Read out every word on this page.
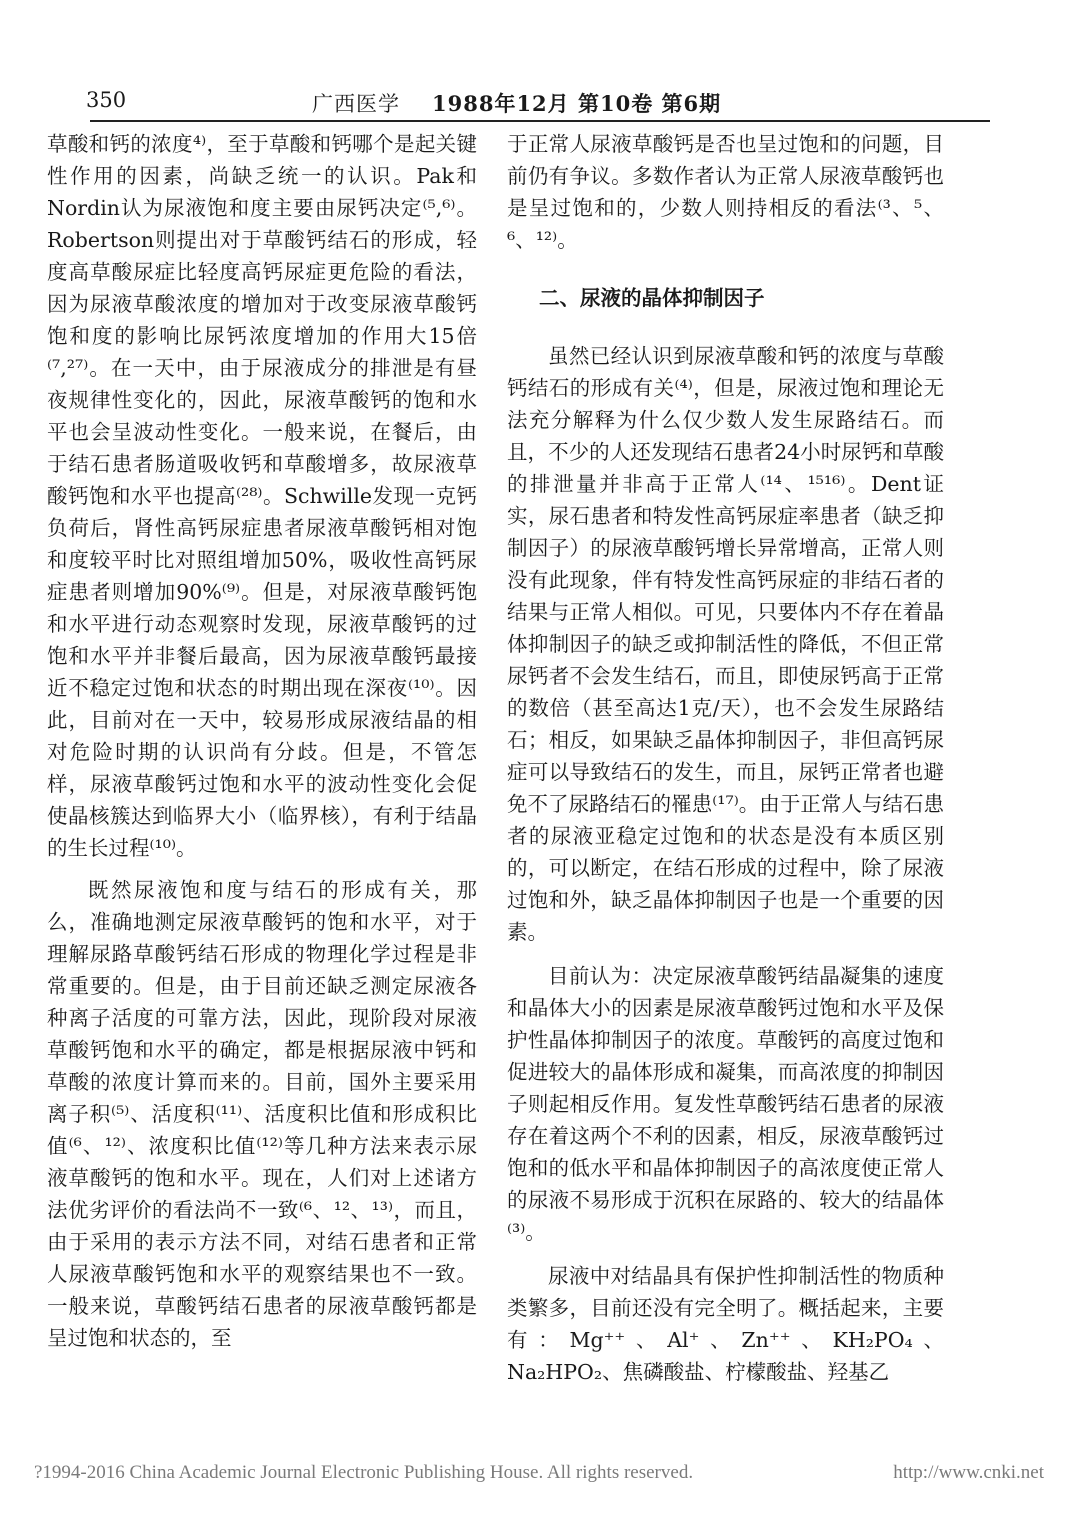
350	广西医学 1988年12月 第10卷 第6期

草酸和钙的浓度⁴⁾，至于草酸和钙哪个是起关键性作用的因素，尚缺乏统一的认识。Pak和Nordin认为尿液饱和度主要由尿钙决定⁽⁵,⁶⁾。Robertson则提出对于草酸钙结石的形成，轻度高草酸尿症比轻度高钙尿症更危险的看法，因为尿液草酸浓度的增加对于改变尿液草酸钙饱和度的影响比尿钙浓度增加的作用大15倍⁽⁷,²⁷⁾。在一天中，由于尿液成分的排泄是有昼夜规律性变化的，因此，尿液草酸钙的饱和水平也会呈波动性变化。一般来说，在餐后，由于结石患者肠道吸收钙和草酸增多，故尿液草酸钙饱和水平也提高⁽²⁸⁾。Schwille发现一克钙负荷后，肾性高钙尿症患者尿液草酸钙相对饱和度较平时比对照组增加50%，吸收性高钙尿症患者则增加90%⁽⁹⁾。但是，对尿液草酸钙饱和水平进行动态观察时发现，尿液草酸钙的过饱和水平并非餐后最高，因为尿液草酸钙最接近不稳定过饱和状态的时期出现在深夜⁽¹⁰⁾。因此，目前对在一天中，较易形成尿液结晶的相对危险时期的认识尚有分歧。但是，不管怎样，尿液草酸钙过饱和水平的波动性变化会促使晶核簇达到临界大小（临界核），有利于结晶的生长过程⁽¹⁰⁾。

既然尿液饱和度与结石的形成有关，那么，准确地测定尿液草酸钙的饱和水平，对于理解尿路草酸钙结石形成的物理化学过程是非常重要的。但是，由于目前还缺乏测定尿液各种离子活度的可靠方法，因此，现阶段对尿液草酸钙饱和水平的确定，都是根据尿液中钙和草酸的浓度计算而来的。目前，国外主要采用离子积⁽⁵⁾、活度积⁽¹¹⁾、活度积比值和形成积比值⁽⁶、¹²⁾、浓度积比值⁽¹²⁾等几种方法来表示尿液草酸钙的饱和水平。现在，人们对上述诸方法优劣评价的看法尚不一致⁽⁶、¹²、¹³⁾，而且，由于采用的表示方法不同，对结石患者和正常人尿液草酸钙饱和水平的观察结果也不一致。一般来说，草酸钙结石患者的尿液草酸钙都是呈过饱和状态的，至

于正常人尿液草酸钙是否也呈过饱和的问题，目前仍有争议。多数作者认为正常人尿液草酸钙也是呈过饱和的，少数人则持相反的看法⁽³、⁵、⁶、¹²⁾。

二、尿液的晶体抑制因子

虽然已经认识到尿液草酸和钙的浓度与草酸钙结石的形成有关⁽⁴⁾，但是，尿液过饱和理论无法充分解释为什么仅少数人发生尿路结石。而且，不少的人还发现结石患者24小时尿钙和草酸的排泄量并非高于正常人⁽¹⁴、¹⁵¹⁶⁾。Dent证实，尿石患者和特发性高钙尿症率患者（缺乏抑制因子）的尿液草酸钙增长异常增高，正常人则没有此现象，伴有特发性高钙尿症的非结石者的结果与正常人相似。可见，只要体内不存在着晶体抑制因子的缺乏或抑制活性的降低，不但正常尿钙者不会发生结石，而且，即使尿钙高于正常的数倍（甚至高达1克/天），也不会发生尿路结石；相反，如果缺乏晶体抑制因子，非但高钙尿症可以导致结石的发生，而且，尿钙正常者也避免不了尿路结石的罹患⁽¹⁷⁾。由于正常人与结石患者的尿液亚稳定过饱和的状态是没有本质区别的，可以断定，在结石形成的过程中，除了尿液过饱和外，缺乏晶体抑制因子也是一个重要的因素。

目前认为：决定尿液草酸钙结晶凝集的速度和晶体大小的因素是尿液草酸钙过饱和水平及保护性晶体抑制因子的浓度。草酸钙的高度过饱和促进较大的晶体形成和凝集，而高浓度的抑制因子则起相反作用。复发性草酸钙结石患者的尿液存在着这两个不利的因素，相反，尿液草酸钙过饱和的低水平和晶体抑制因子的高浓度使正常人的尿液不易形成于沉积在尿路的、较大的结晶体⁽³⁾。

尿液中对结晶具有保护性抑制活性的物质种类繁多，目前还没有完全明了。概括起来，主要有：Mg⁺⁺、Al⁺、Zn⁺⁺、KH₂PO₄、Na₂HPO₂、焦磷酸盐、柠檬酸盐、羟基乙

?1994-2016 China Academic Journal Electronic Publishing House. All rights reserved.	http://www.cnki.net
